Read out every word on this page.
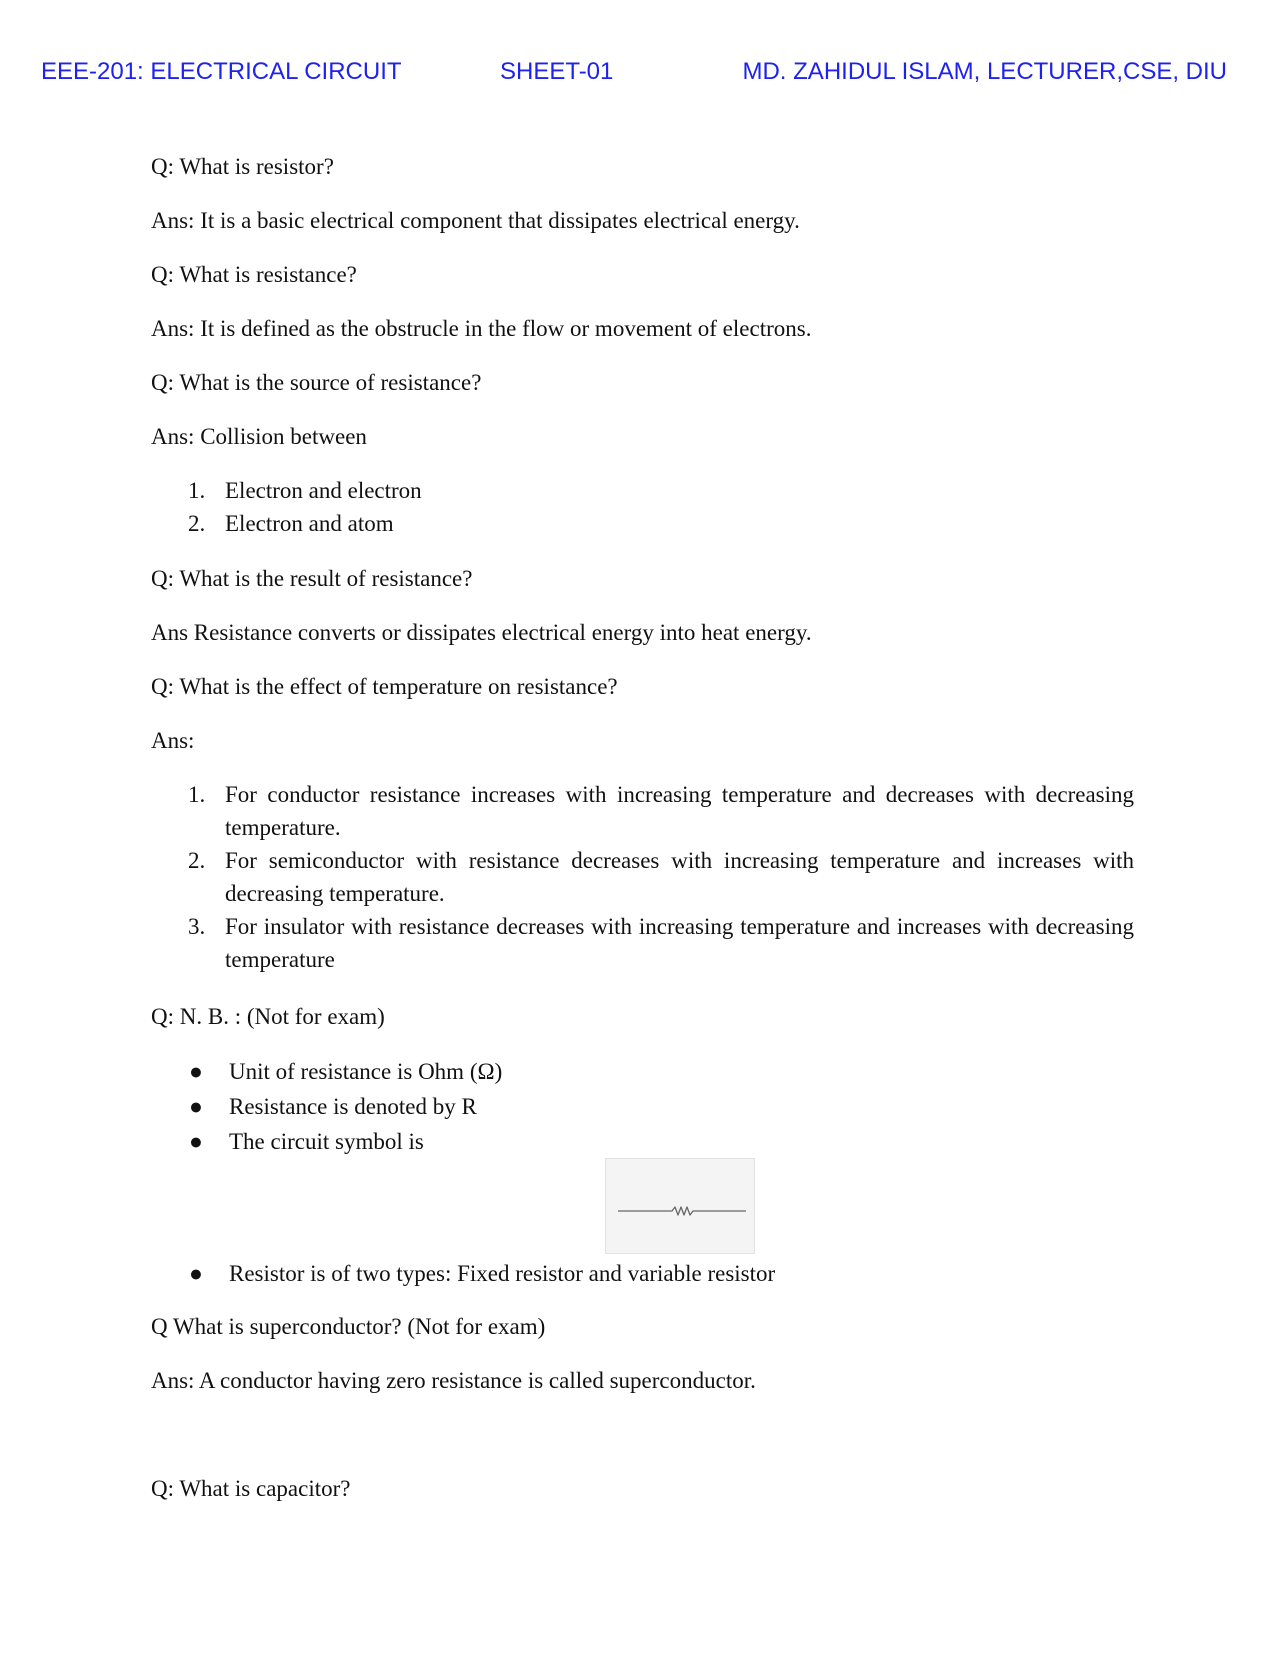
EEE-201: ELECTRICAL CIRCUIT	SHEET-01	MD. ZAHIDUL ISLAM, LECTURER,CSE, DIU
Q: What is resistor?
Ans: It is a basic electrical component that dissipates electrical energy.
Q: What is resistance?
Ans: It is defined as the obstrucle in the flow or movement of electrons.
Q: What is the source of resistance?
Ans: Collision between
1. Electron and electron
2. Electron and atom
Q: What is the result of resistance?
Ans Resistance converts or dissipates electrical energy into heat energy.
Q: What is the effect of temperature on resistance?
Ans:
1. For conductor resistance increases with increasing temperature and decreases with decreasing temperature.
2. For semiconductor with resistance decreases with increasing temperature and increases with decreasing temperature.
3. For insulator with resistance decreases with increasing temperature and increases with decreasing temperature
Q: N. B. : (Not for exam)
● Unit of resistance is Ohm (Ω)
● Resistance is denoted by R
● The circuit symbol is
● Resistor is of two types: Fixed resistor and variable resistor
Q What is superconductor? (Not for exam)
Ans: A conductor having zero resistance is called superconductor.
Q: What is capacitor?
